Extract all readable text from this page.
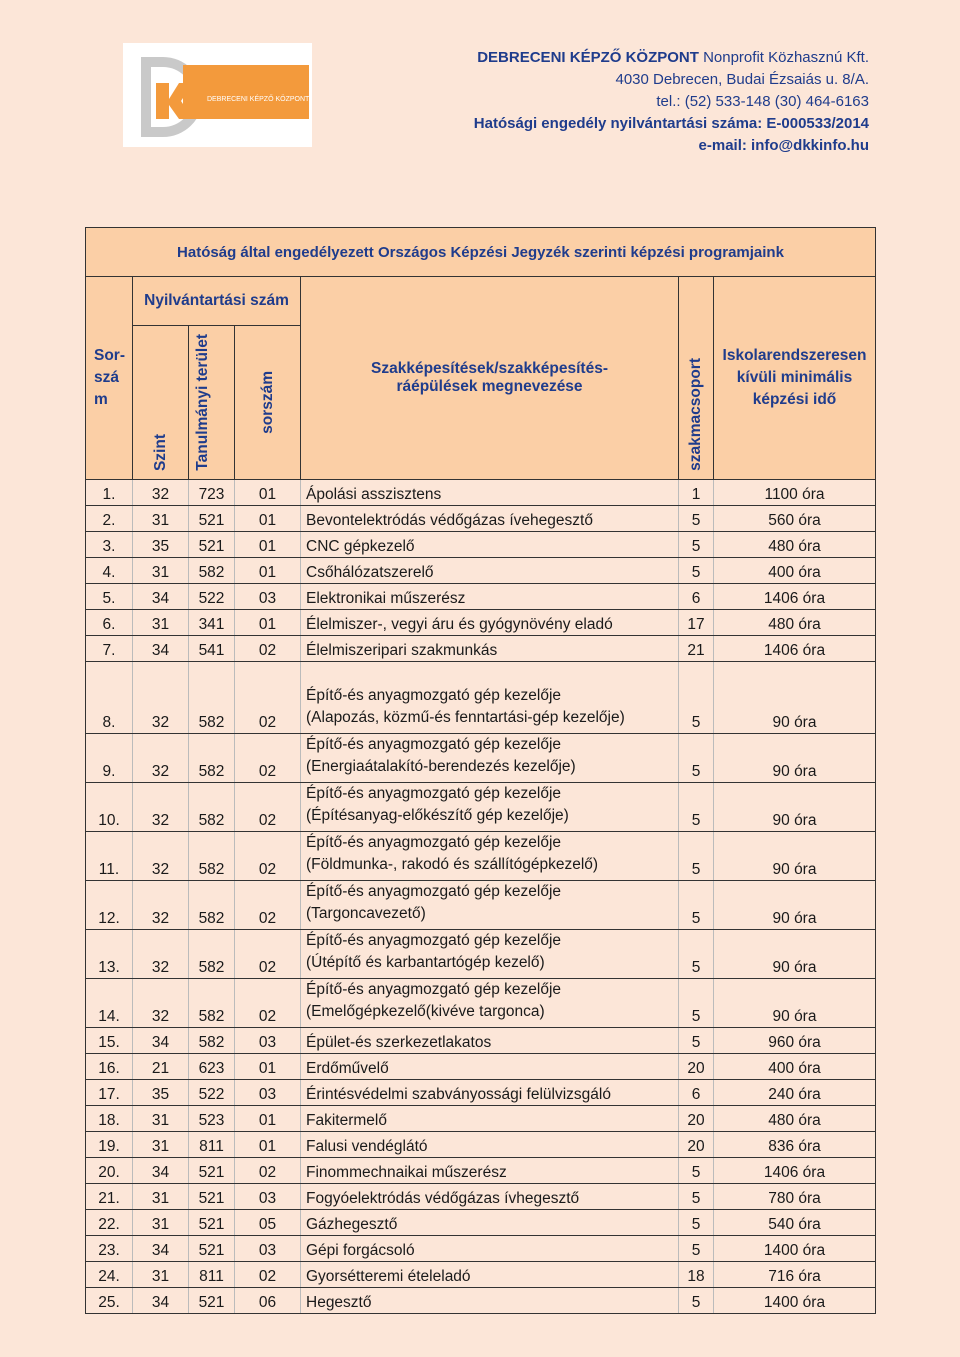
DEBRECENI KÉPZŐ KÖZPONT
DEBRECENI KÉPZŐ KÖZPONT Nonprofit Közhasznú Kft.
4030 Debrecen, Budai Ézsaiás u. 8/A.
tel.: (52) 533-148 (30) 464-6163
Hatósági engedély nyilvántartási száma: E-000533/2014
e-mail: info@dkkinfo.hu
Hatóság által engedélyezett Országos Képzési Jegyzék szerinti képzési programjaink						
Sor-szá m	Nyilvántartási szám			Szakképesítések/szakképesítés-ráépülések megnevezése	szakmacsoport	Iskolarendszeresen kívüli minimális képzési idő

	Szint	Tanulmányi terület	sorszám			

1.	32	723	01	Ápolási asszisztens	1	1100 óra
2.	31	521	01	Bevontelektródás védőgázas ívehegesztő	5	560 óra
3.	35	521	01	CNC gépkezelő	5	480 óra
4.	31	582	01	Csőhálózatszerelő	5	400 óra
5.	34	522	03	Elektronikai műszerész	6	1406 óra
6.	31	341	01	Élelmiszer-, vegyi áru és gyógynövény eladó	17	480 óra
7.	34	541	02	Élelmiszeripari szakmunkás	21	1406 óra
8.	32	582	02	Építő-és anyagmozgató gép kezelője
(Alapozás, közmű-és fenntartási-gép kezelője)	5	90 óra
9.	32	582	02	Építő-és anyagmozgató gép kezelője
(Energiaátalakító-berendezés kezelője)	5	90 óra
10.	32	582	02	Építő-és anyagmozgató gép kezelője
(Építésanyag-előkészítő gép kezelője)	5	90 óra
11.	32	582	02	Építő-és anyagmozgató gép kezelője
(Földmunka-, rakodó és szállítógépkezelő)	5	90 óra
12.	32	582	02	Építő-és anyagmozgató gép kezelője
(Targoncavezető)	5	90 óra
13.	32	582	02	Építő-és anyagmozgató gép kezelője
(Útépítő és karbantartógép kezelő)	5	90 óra
14.	32	582	02	Építő-és anyagmozgató gép kezelője
(Emelőgépkezelő(kivéve targonca)	5	90 óra
15.	34	582	03	Épület-és szerkezetlakatos	5	960 óra
16.	21	623	01	Erdőművelő	20	400 óra
17.	35	522	03	Érintésvédelmi szabványossági felülvizsgáló	6	240 óra
18.	31	523	01	Fakitermelő	20	480 óra
19.	31	811	01	Falusi vendéglátó	20	836 óra
20.	34	521	02	Finommechnaikai műszerész	5	1406 óra
21.	31	521	03	Fogyóelektródás védőgázas ívhegesztő	5	780 óra
22.	31	521	05	Gázhegesztő	5	540 óra
23.	34	521	03	Gépi forgácsoló	5	1400 óra
24.	31	811	02	Gyorsétteremi ételeladó	18	716 óra
25.	34	521	06	Hegesztő	5	1400 óra
